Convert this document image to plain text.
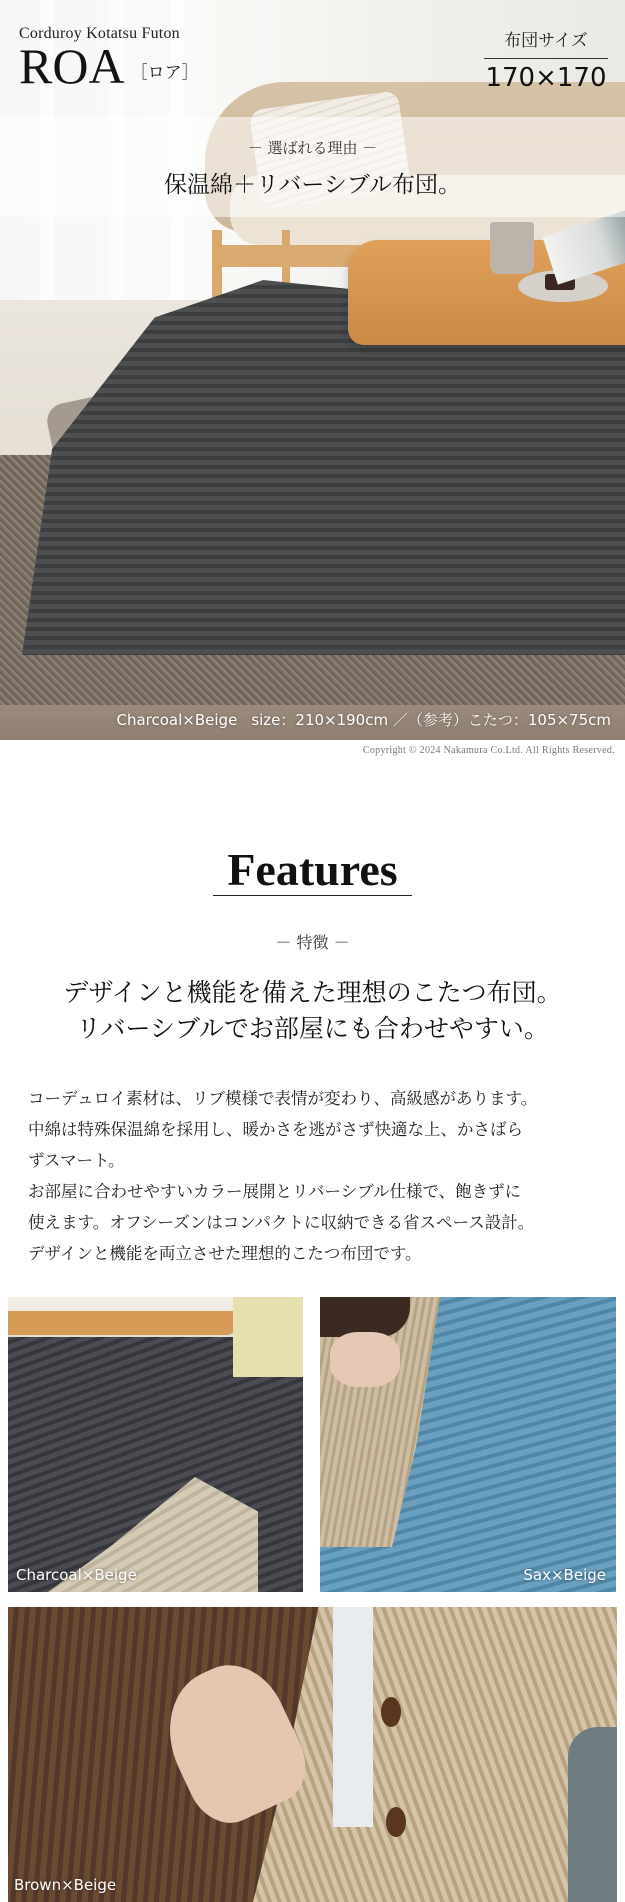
Corduroy Kotatsu Futon
ROA ［ロア］
布団サイズ
170×170
－ 選ばれる理由 －
保温綿＋リバーシブル布団。
Charcoal×Beige size：210×190cm ／（参考）こたつ：105×75cm
Copyright © 2024 Nakamura Co.Ltd. All Rights Reserved.
Features
－ 特徴 －

デザインと機能を備えた理想のこたつ布団。

リバーシブルでお部屋にも合わせやすい。

コーデュロイ素材は、リブ模様で表情が変わり、高級感があります。

中綿は特殊保温綿を採用し、暖かさを逃がさず快適な上、かさばら

ずスマート。

お部屋に合わせやすいカラー展開とリバーシブル仕様で、飽きずに

使えます。オフシーズンはコンパクトに収納できる省スペース設計。

デザインと機能を両立させた理想的こたつ布団です。

Charcoal×Beige	Sax×Beige
Brown×Beige
